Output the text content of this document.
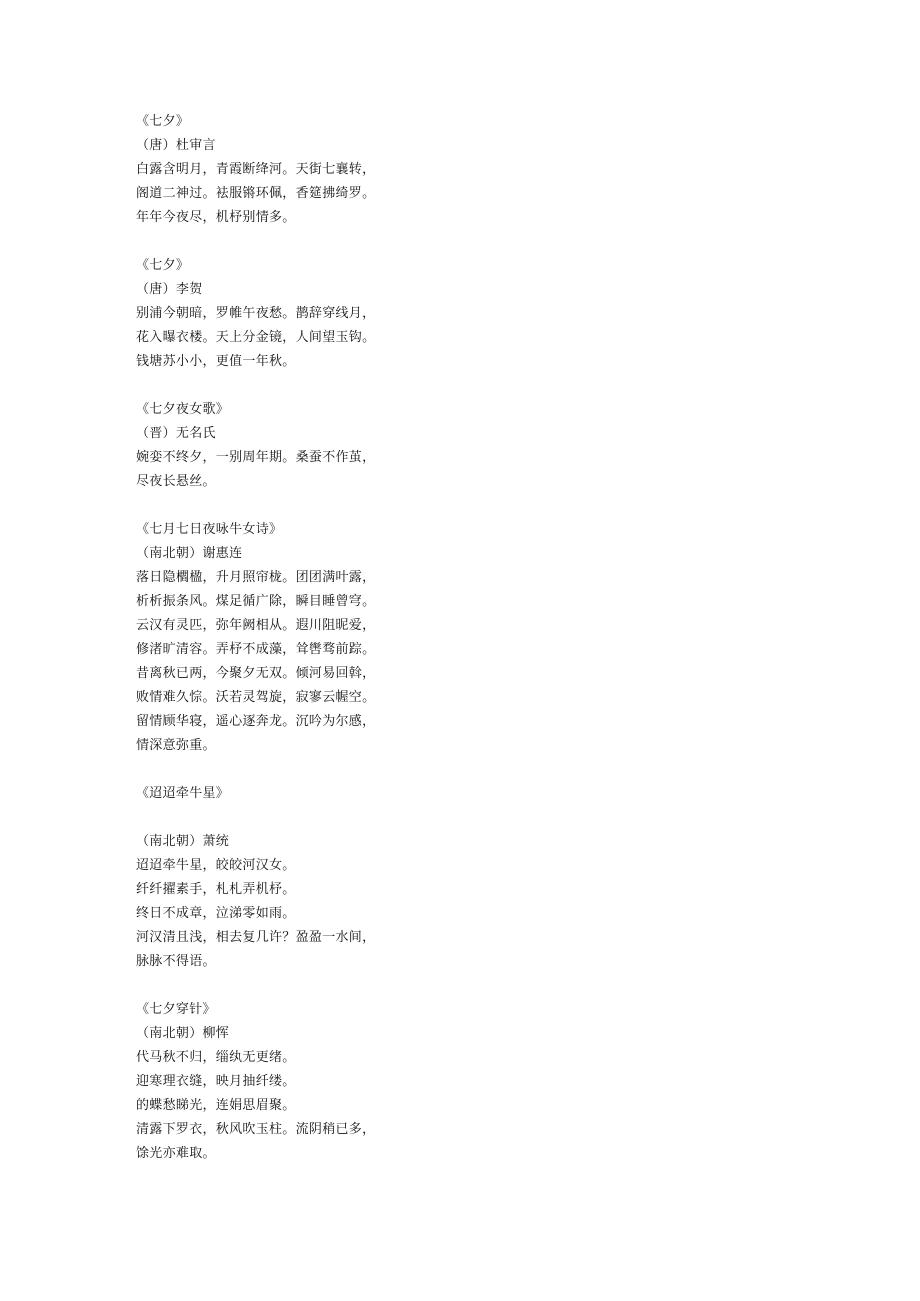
《七夕》
（唐）杜审言
白露含明月，青霞断绛河。天街七襄转，
阁道二神过。袪服锵环佩，香筵拂绮罗。
年年今夜尽，机杼别情多。
《七夕》
（唐）李贺
别浦今朝暗，罗帷午夜愁。鹊辞穿线月，
花入曝衣楼。天上分金镜，人间望玉钩。
钱塘苏小小，更值一年秋。
《七夕夜女歌》
（晋）无名氏
婉娈不终夕，一别周年期。桑蚕不作茧，
尽夜长悬丝。
《七月七日夜咏牛女诗》
（南北朝）谢惠连
落日隐櫩楹，升月照帘栊。团团满叶露，
析析振条风。煤足循广除，瞬目睡曾穹。
云汉有灵匹，弥年阙相从。遐川阻昵爱，
修渚旷清容。弄杼不成藻，耸辔骛前踪。
昔离秋已两，今聚夕无双。倾河易回斡，
败情难久悰。沃若灵驾旋，寂寥云幄空。
留情顾华寝，遥心逐奔龙。沉吟为尔感，
情深意弥重。
《迢迢牵牛星》
（南北朝）萧统
迢迢牵牛星，皎皎河汉女。
纤纤擢素手，札札弄机杼。
终日不成章，泣涕零如雨。
河汉清且浅，相去复几许？盈盈一水间，
脉脉不得语。
《七夕穿针》
（南北朝）柳恽
代马秋不归，缁纨无更绪。
迎寒理衣缝，映月抽纤缕。
的蝶愁睇光，连娟思眉聚。
清露下罗衣，秋风吹玉柱。流阴稍已多，
馀光亦难取。
